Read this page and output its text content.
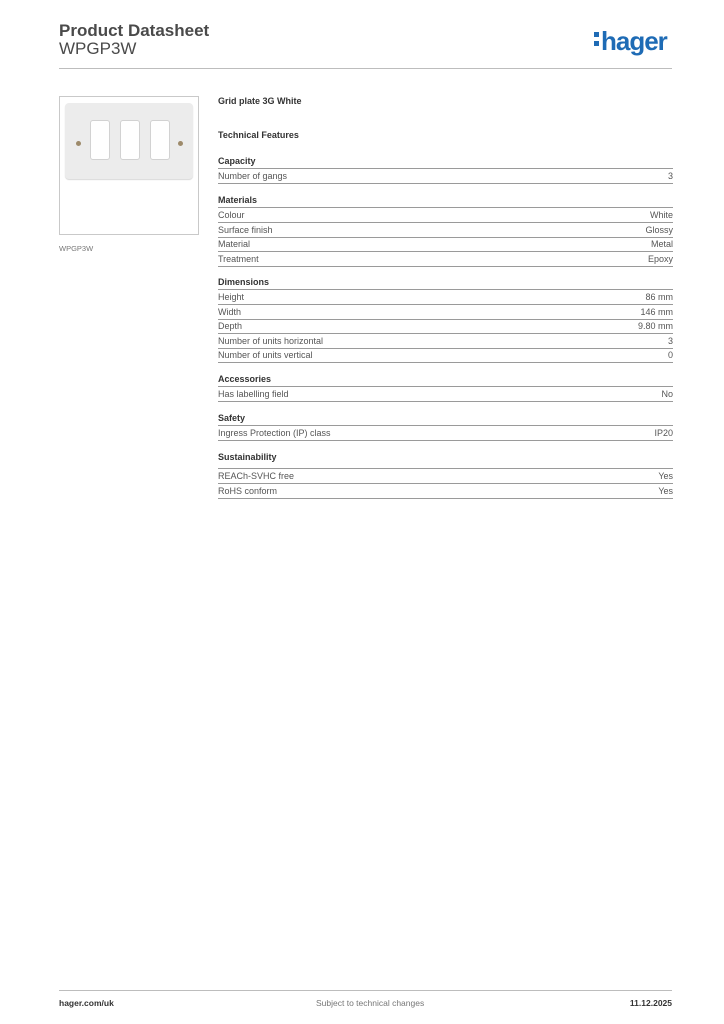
Product Datasheet
WPGP3W	hager
WPGP3W
Grid plate 3G White
Technical Features
Capacity
Number of gangs	3
Materials
Colour	White
Surface finish	Glossy
Material	Metal
Treatment	Epoxy
Dimensions
Height	86 mm
Width	146 mm
Depth	9.80 mm
Number of units horizontal	3
Number of units vertical	0
Accessories
Has labelling field	No
Safety
Ingress Protection (IP) class	IP20
Sustainability
REACh-SVHC free	Yes
RoHS conform	Yes
hager.com/uk	Subject to technical changes	11.12.2025
